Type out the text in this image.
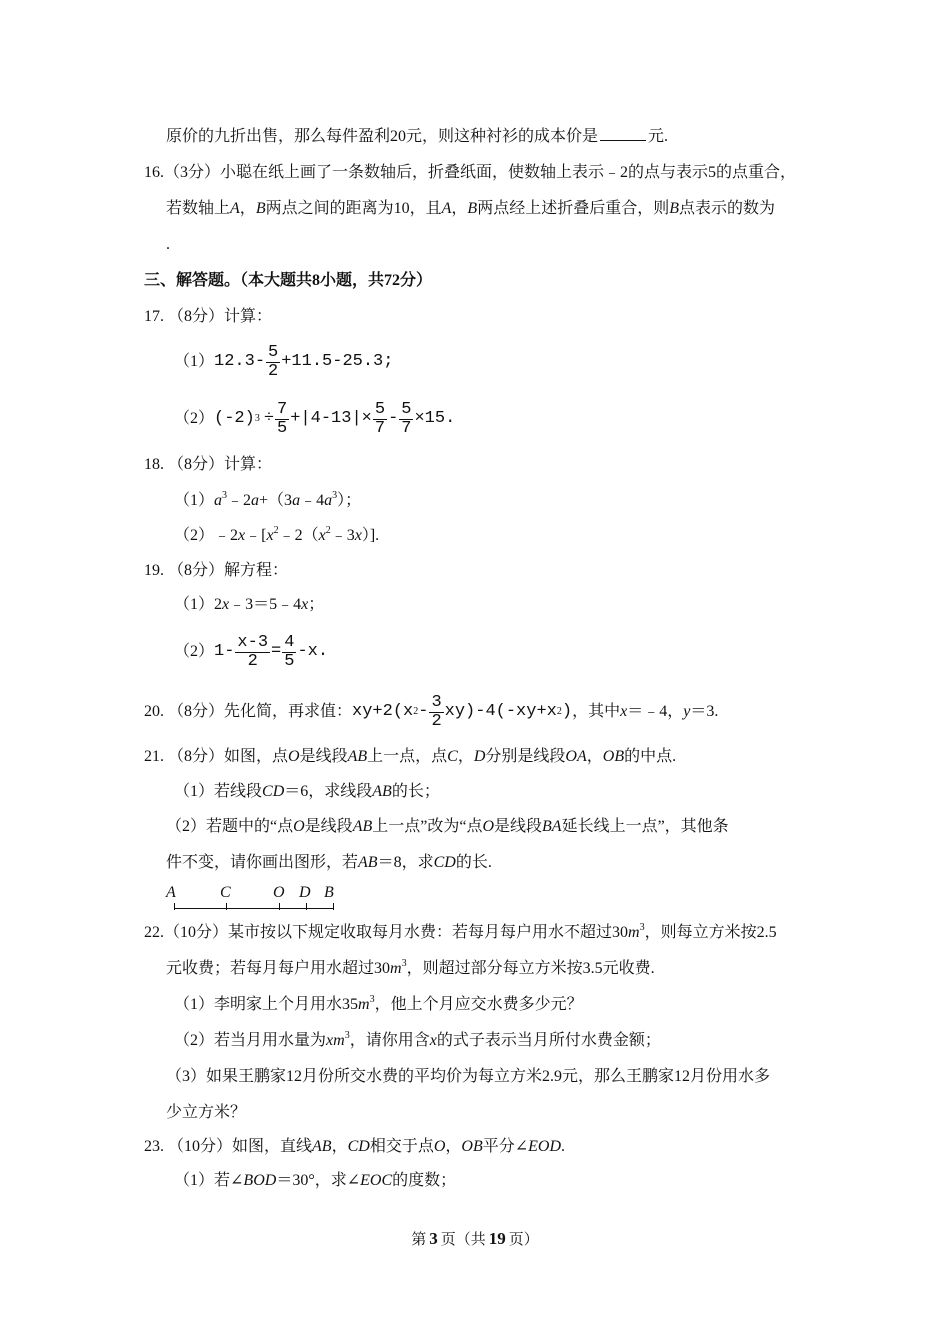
原价的九折出售，那么每件盈利20元，则这种衬衫的成本价是	元.
16.（3分）小聪在纸上画了一条数轴后，折叠纸面，使数轴上表示﹣2的点与表示5的点重合，
若数轴上A，B两点之间的距离为10，且A，B两点经上述折叠后重合，则B点表示的数为
.
三、解答题。（本大题共8小题，共72分）
17. （8分）计算：
（1） $12.3- \frac{5}{2} +11.5-25.3$;
（2） (-2) $3 \div \frac{7}{5} +|4-13|\times \frac{5}{7} - \frac{5}{7} \times 15$.
18. （8分）计算：
$(1)a^3﹣2a+(3a﹣4a^3)$；
$(2)﹣2x﹣[x^2﹣2(x^2﹣3x)]$.
19. （8分）解方程：
（1）2x﹣3＝5﹣4x；
（2） $1- \frac{x-3}{2} = \frac{4}{5} -x$.
20. （8分）先化简，再求值： xy+2(x $2 - \frac{3}{2} xy)-4(-xy+x$ 2 ) ，其中 x ＝﹣4， y ＝3.
21. （8分）如图，点O是线段AB上一点，点C，D分别是线段OA，OB的中点.
（1）若线段CD＝6，求线段AB的长；
（2）若题中的“点O是线段AB上一点”改为“点O是线段BA延长线上一点”，其他条
件不变，请你画出图形，若AB＝8，求CD的长.
A	C	O D B
22.（10分）某市按以下规定收取每月水费：若每月每户用水不超过$30m^3$，则每立方米按2.5
元收费；若每月每户用水超过$30m^3$，则超过部分每立方米按3.5元收费.
（1）李明家上个月用水$35m^3$，他上个月应交水费多少元？
（2）若当月用水量为$xm^3$，请你用含x的式子表示当月所付水费金额；
（3）如果王鹏家12月份所交水费的平均价为每立方米2.9元，那么王鹏家12月份用水多
少立方米？
23. （10分）如图，直线AB，CD相交于点O，OB平分∠EOD.
（1）若∠BOD＝30°，求∠EOC的度数；
第 3 页（共 19 页）
